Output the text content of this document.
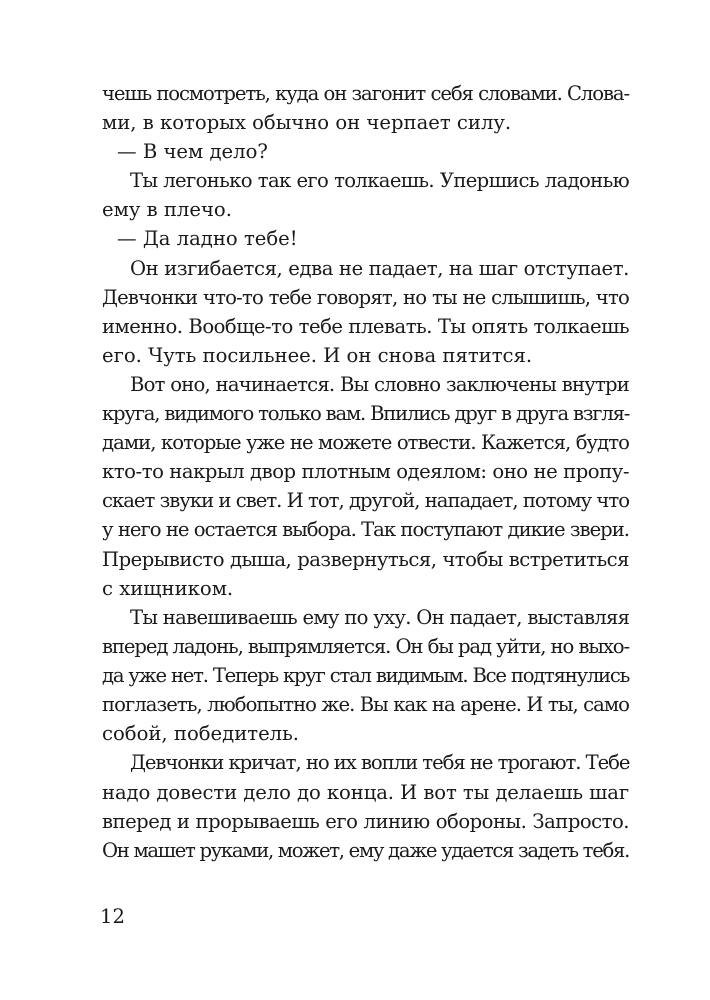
чешь посмотреть, куда он загонит себя словами. Слова-
ми, в которых обычно он черпает силу.
— В чем дело?
Ты легонько так его толкаешь. Упершись ладонью
ему в плечо.
— Да ладно тебе!
Он изгибается, едва не падает, на шаг отступает.
Девчонки что-то тебе говорят, но ты не слышишь, что
именно. Вообще-то тебе плевать. Ты опять толкаешь
его. Чуть посильнее. И он снова пятится.
Вот оно, начинается. Вы словно заключены внутри
круга, видимого только вам. Впились друг в друга взгля-
дами, которые уже не можете отвести. Кажется, будто
кто-то накрыл двор плотным одеялом: оно не пропу-
скает звуки и свет. И тот, другой, нападает, потому что
у него не остается выбора. Так поступают дикие звери.
Прерывисто дыша, развернуться, чтобы встретиться
с хищником.
Ты навешиваешь ему по уху. Он падает, выставляя
вперед ладонь, выпрямляется. Он бы рад уйти, но выхо-
да уже нет. Теперь круг стал видимым. Все подтянулись
поглазеть, любопытно же. Вы как на арене. И ты, само
собой, победитель.
Девчонки кричат, но их вопли тебя не трогают. Тебе
надо довести дело до конца. И вот ты делаешь шаг
вперед и прорываешь его линию обороны. Запросто.
Он машет руками, может, ему даже удается задеть тебя.
12
